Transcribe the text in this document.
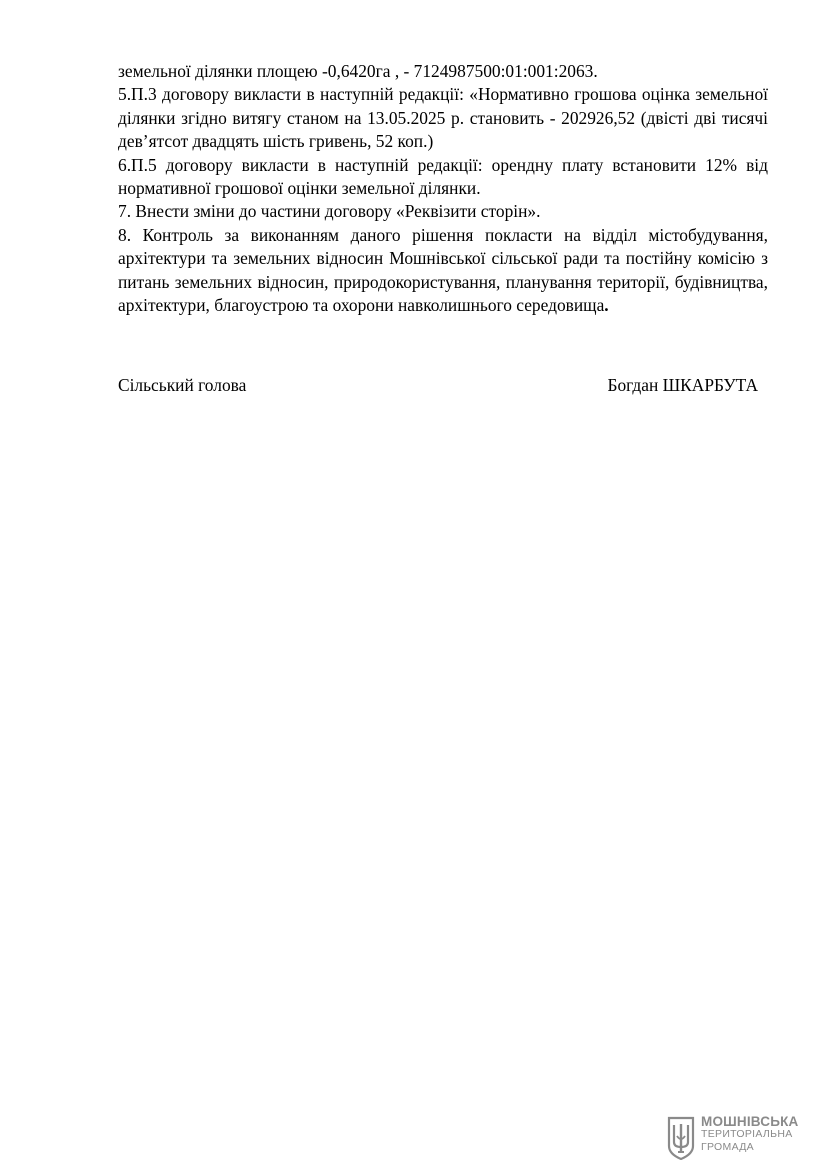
земельної ділянки площею -0,6420га , - 7124987500:01:001:2063.

5.П.3 договору викласти в наступній редакції: «Нормативно грошова оцінка земельної ділянки згідно витягу станом на 13.05.2025 р. становить - 202926,52 (двісті дві тисячі дев’ятсот двадцять шість гривень, 52 коп.)

6.П.5 договору викласти в наступній редакції: орендну плату встановити 12% від нормативної грошової оцінки земельної ділянки.

7. Внести зміни до частини договору «Реквізити сторін».

8. Контроль за виконанням даного рішення покласти на відділ містобудування, архітектури та земельних відносин Мошнівської сільської ради та постійну комісію з питань земельних відносин, природокористування, планування території, будівництва, архітектури, благоустрою та охорони навколишнього середовища.

Сільський голова	Богдан ШКАРБУТА
МОШНІВСЬКА
ТЕРИТОРІАЛЬНА
ГРОМАДА
